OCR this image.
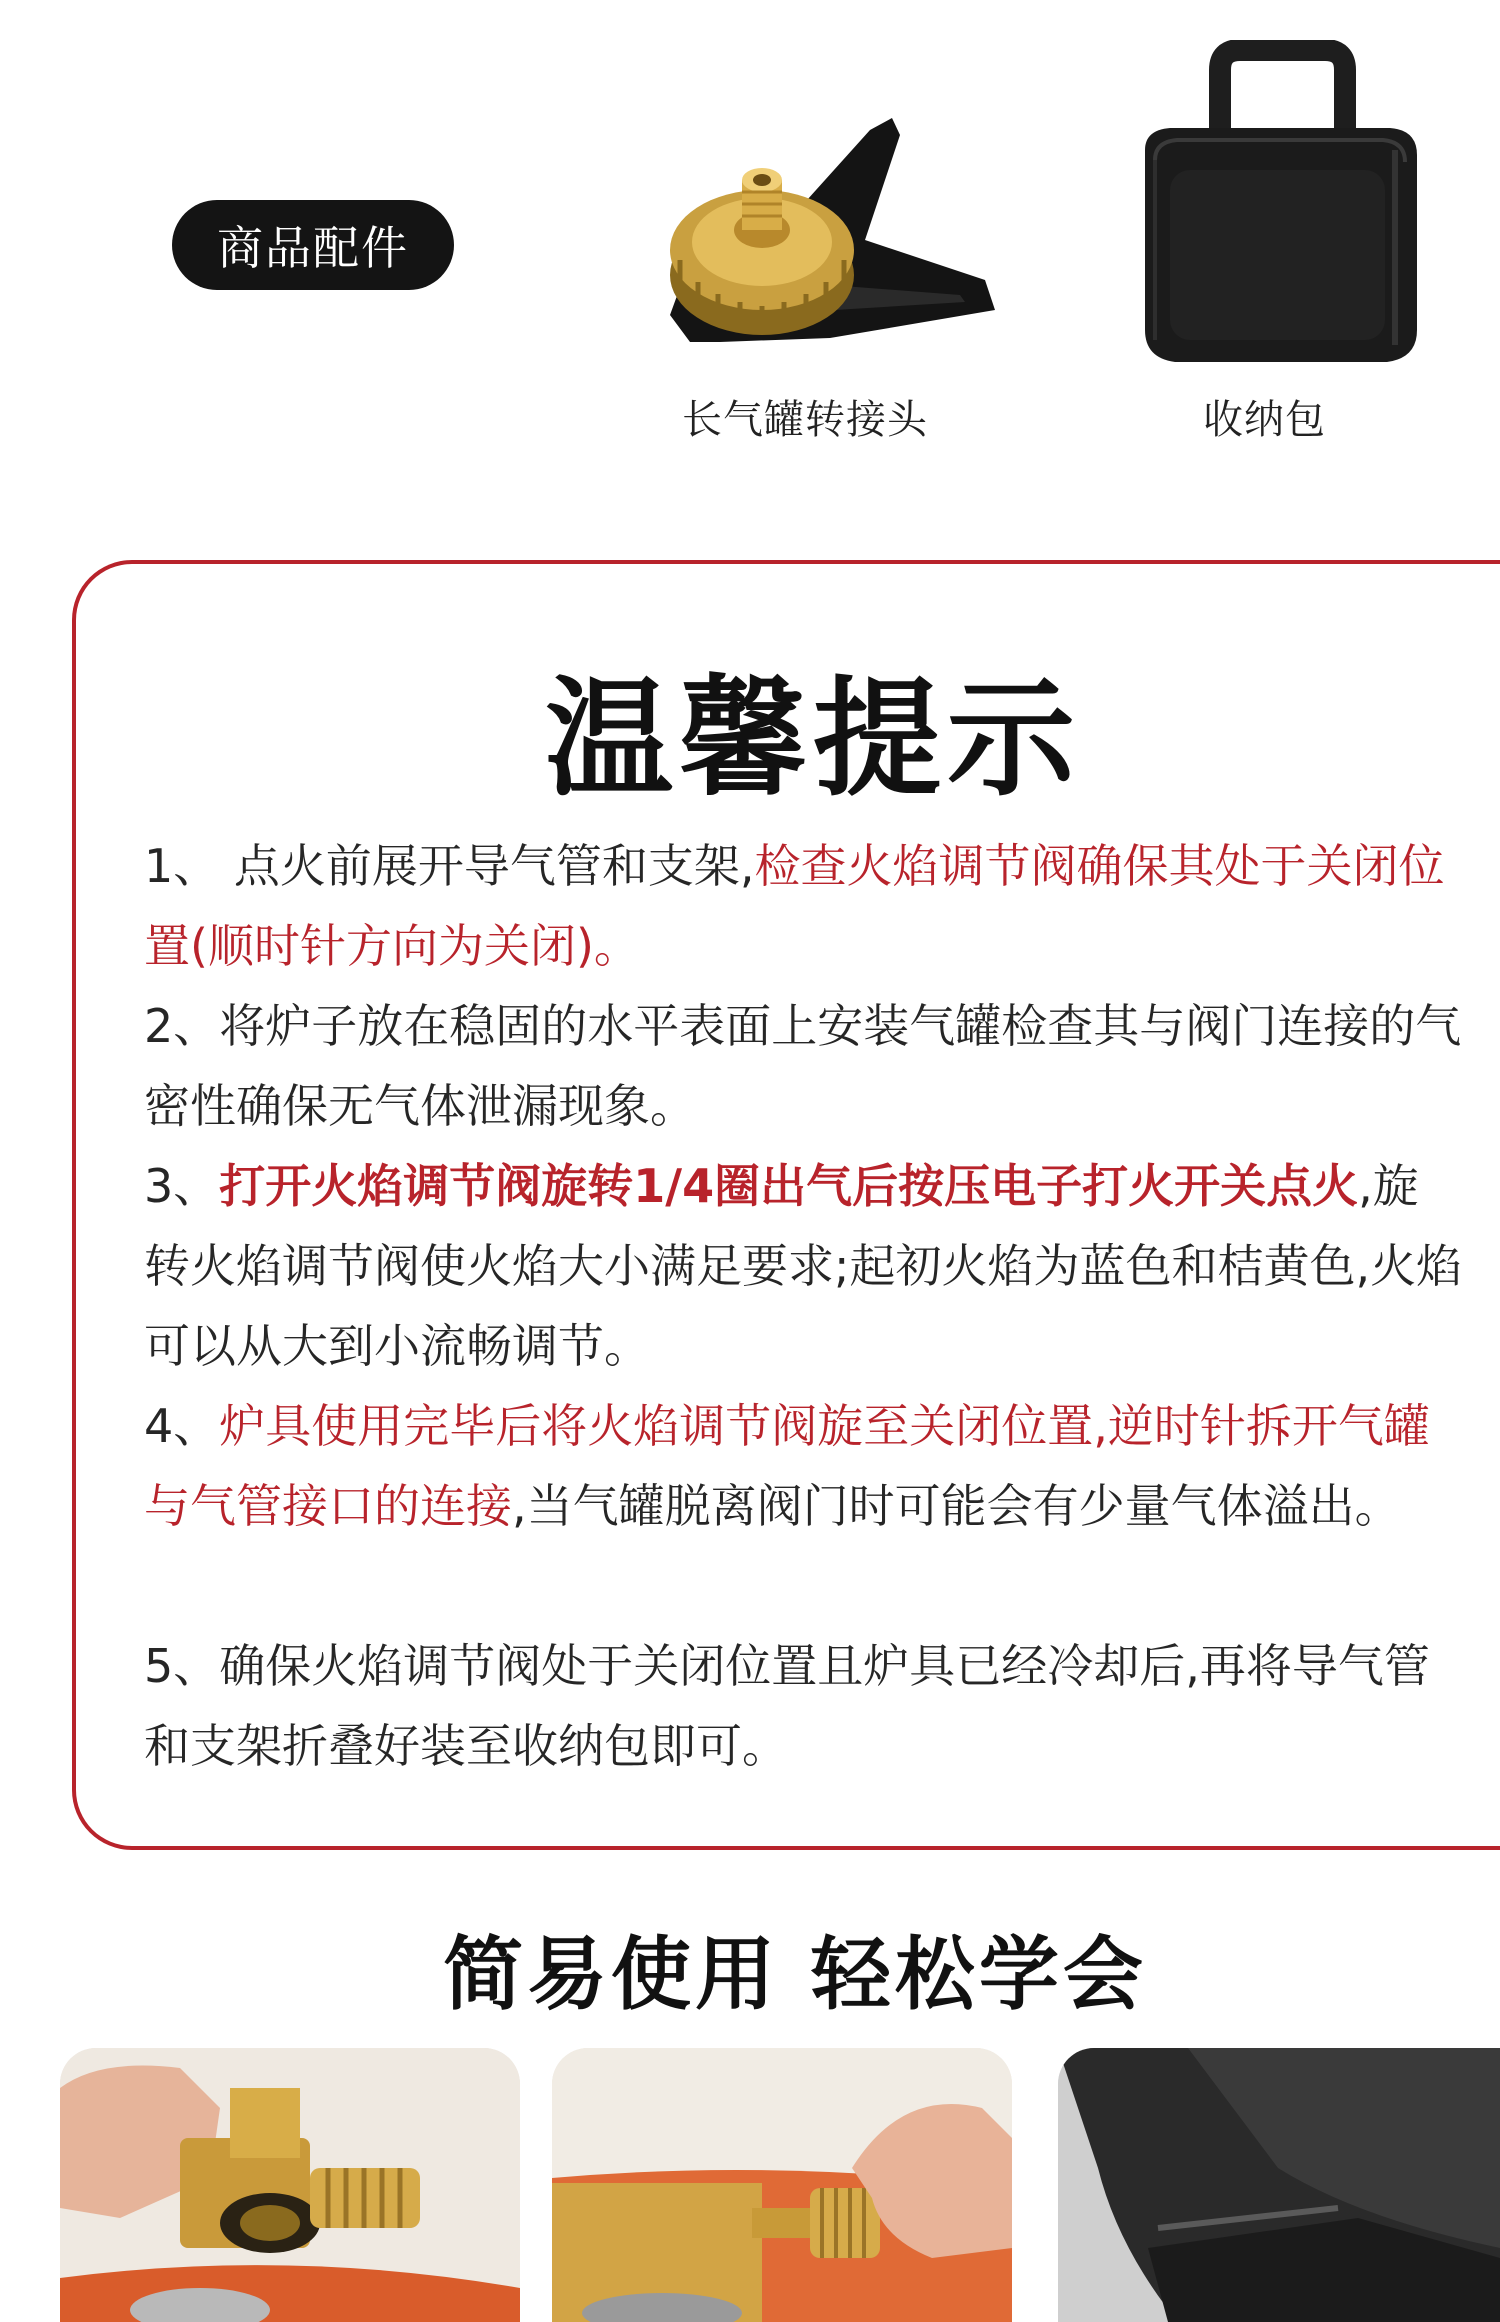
商品配件
长气罐转接头	收纳包
温馨提示
1、 点火前展开导气管和支架,检查火焰调节阀确保其处于关闭位置(顺时针方向为关闭)。
2、将炉子放在稳固的水平表面上安装气罐检查其与阀门连接的气密性确保无气体泄漏现象。
3、打开火焰调节阀旋转1/4圈出气后按压电子打火开关点火,旋转火焰调节阀使火焰大小满足要求;起初火焰为蓝色和桔黄色,火焰可以从大到小流畅调节。
4、炉具使用完毕后将火焰调节阀旋至关闭位置,逆时针拆开气罐与气管接口的连接,当气罐脱离阀门时可能会有少量气体溢出。
5、确保火焰调节阀处于关闭位置且炉具已经冷却后,再将导气管和支架折叠好装至收纳包即可。
简易使用 轻松学会
